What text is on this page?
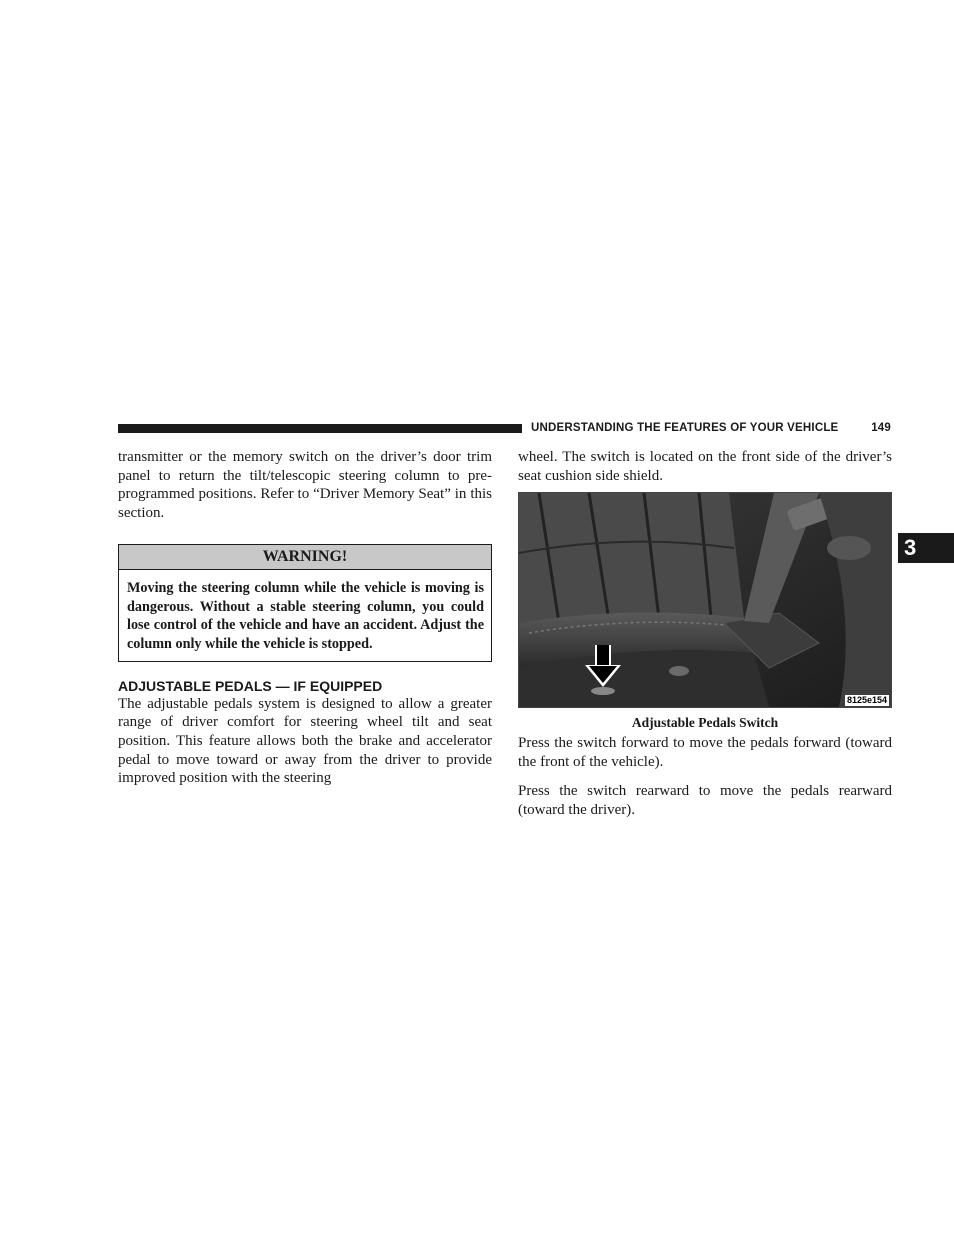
UNDERSTANDING THE FEATURES OF YOUR VEHICLE	149
3

transmitter or the memory switch on the driver’s door trim panel to return the tilt/telescopic steering column to pre-programmed positions. Refer to “Driver Memory Seat” in this section.

WARNING!
Moving the steering column while the vehicle is moving is dangerous. Without a stable steering column, you could lose control of the vehicle and have an accident. Adjust the column only while the vehicle is stopped.
ADJUSTABLE PEDALS — IF EQUIPPED

The adjustable pedals system is designed to allow a greater range of driver comfort for steering wheel tilt and seat position. This feature allows both the brake and accelerator pedal to move toward or away from the driver to provide improved position with the steering

wheel. The switch is located on the front side of the driver’s seat cushion side shield.

8125e154
Adjustable Pedals Switch

Press the switch forward to move the pedals forward (toward the front of the vehicle).

Press the switch rearward to move the pedals rearward (toward the driver).
